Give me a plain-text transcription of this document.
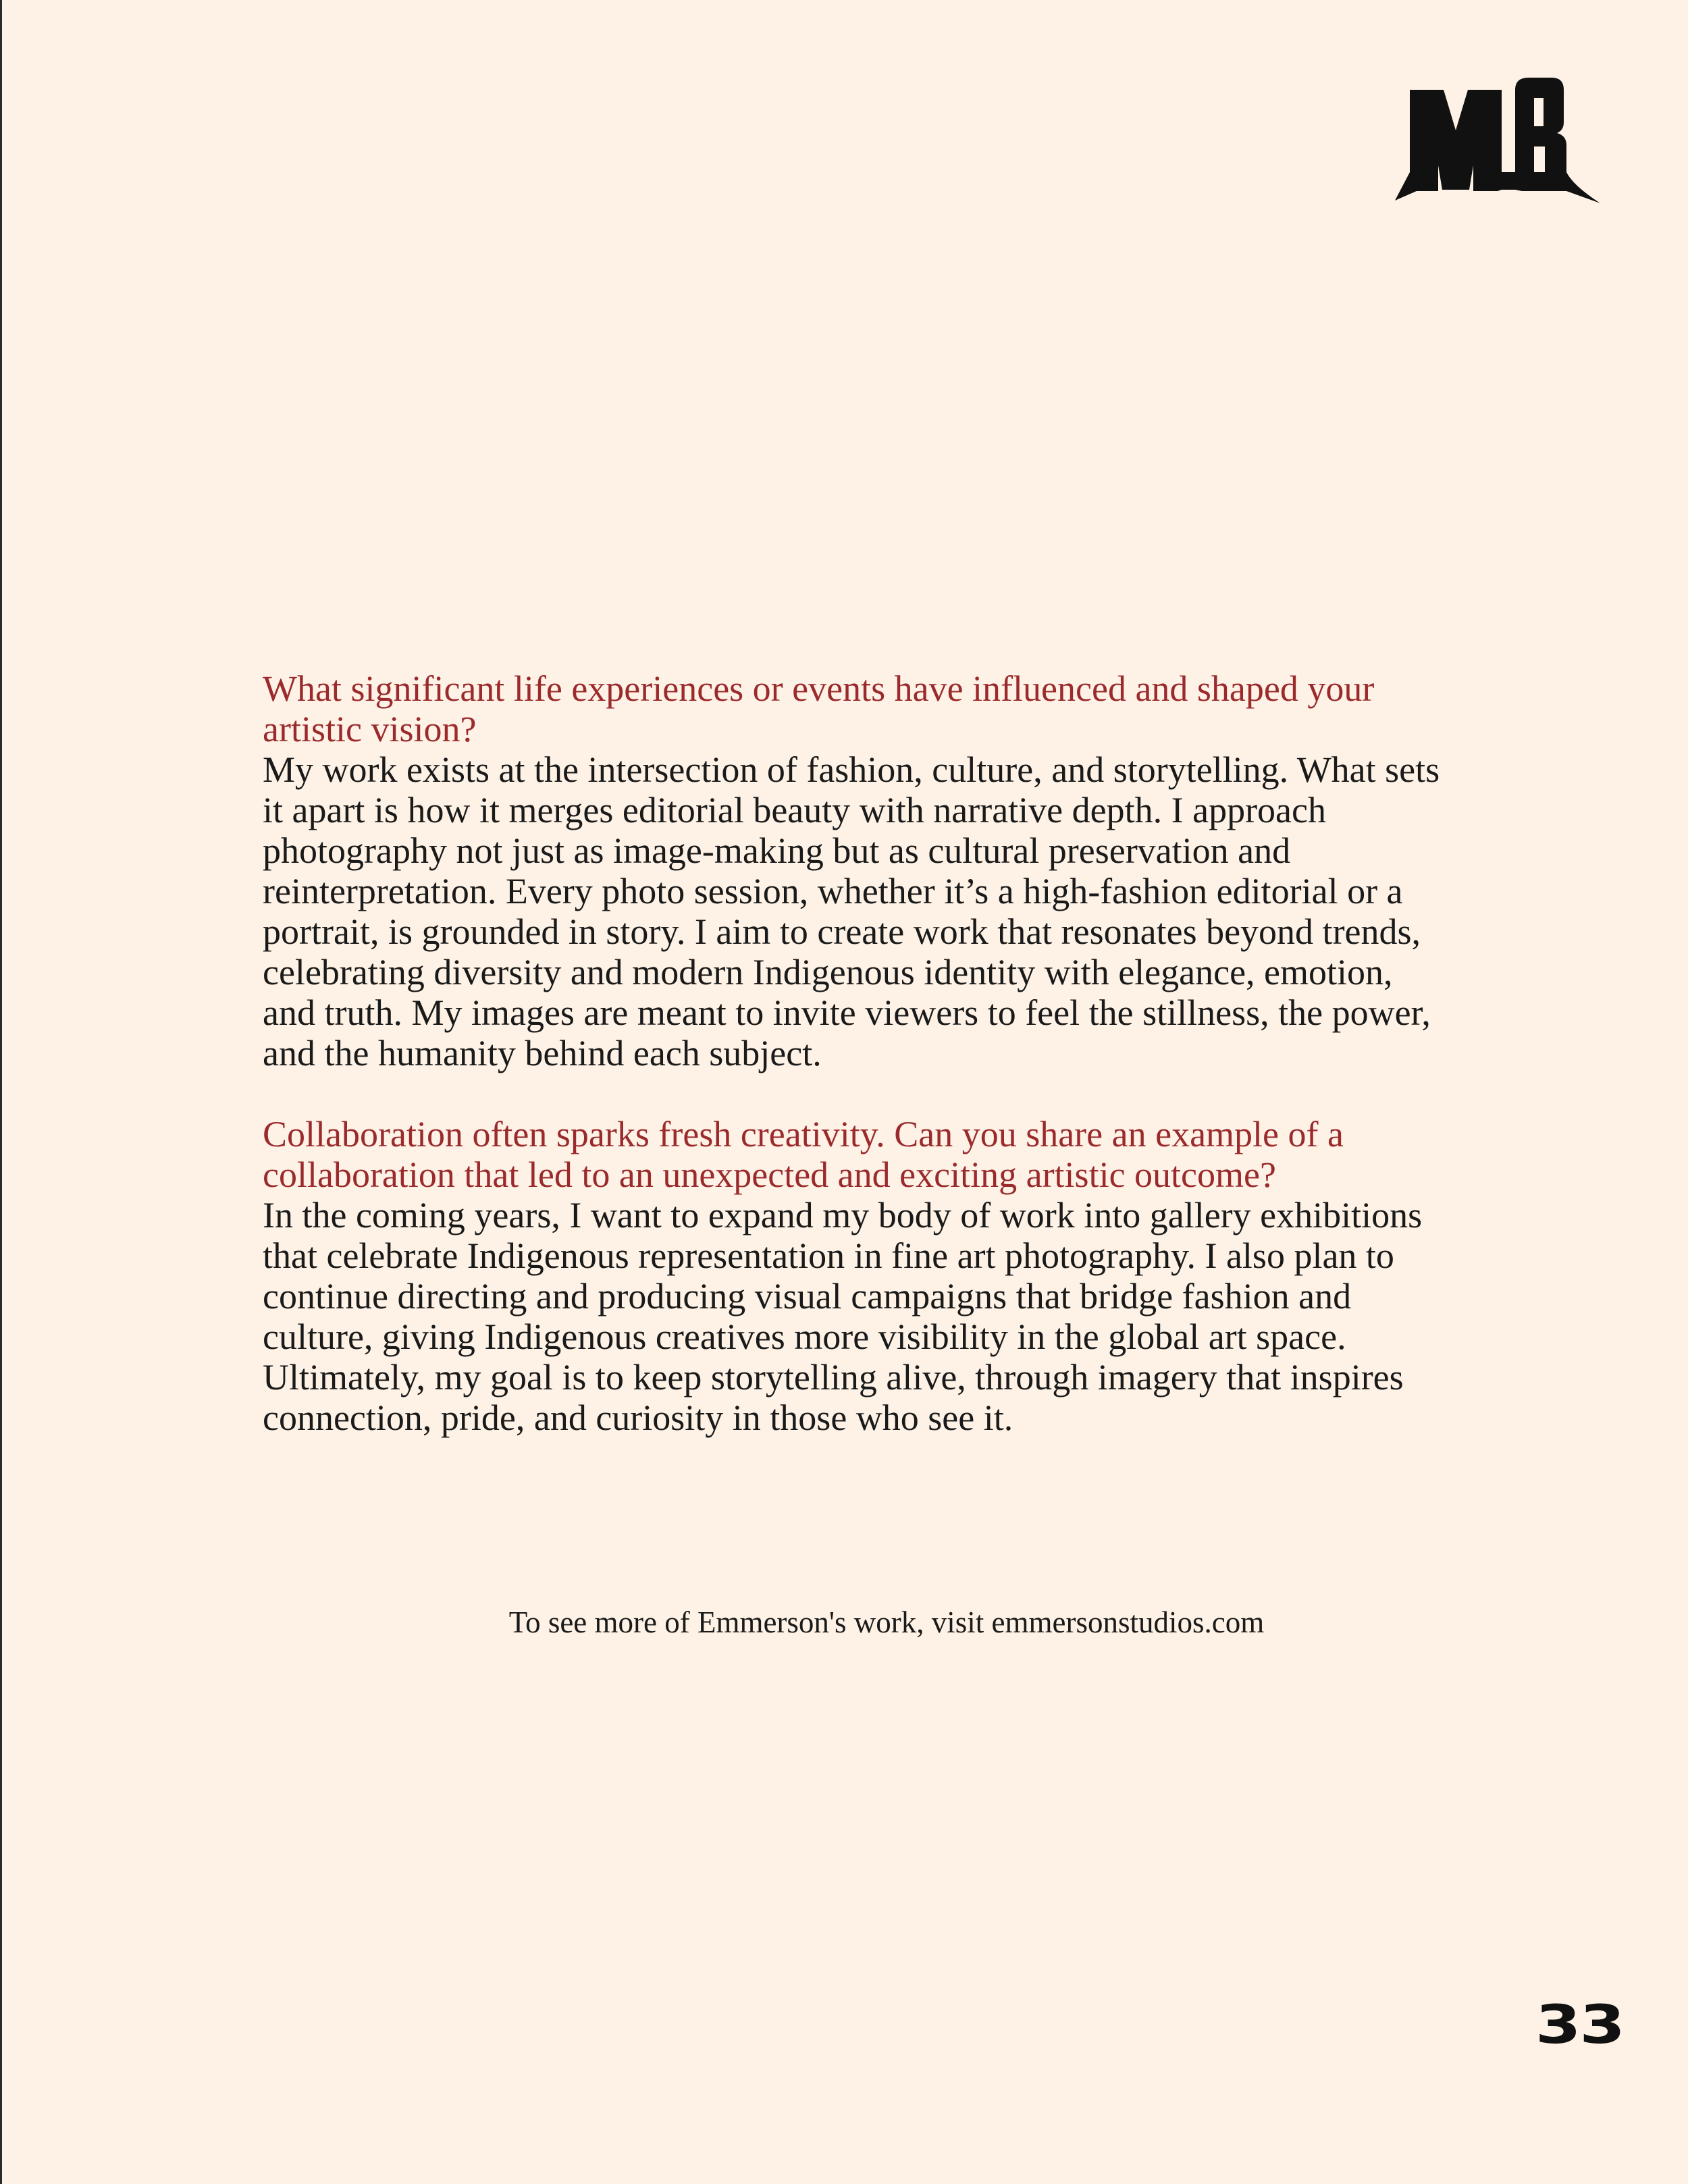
MOB

What significant life experiences or events have influenced and shaped your artistic vision?

My work exists at the intersection of fashion, culture, and storytelling. What sets it apart is how it merges editorial beauty with narrative depth. I approach photography not just as image-making but as cultural preservation and reinterpretation. Every photo session, whether it’s a high-fashion editorial or a portrait, is grounded in story. I aim to create work that resonates beyond trends, celebrating diversity and modern Indigenous identity with elegance, emotion, and truth. My images are meant to invite viewers to feel the stillness, the power, and the humanity behind each subject.

Collaboration often sparks fresh creativity. Can you share an example of a collaboration that led to an unexpected and exciting artistic outcome?

In the coming years, I want to expand my body of work into gallery exhibitions that celebrate Indigenous representation in fine art photography. I also plan to continue directing and producing visual campaigns that bridge fashion and culture, giving Indigenous creatives more visibility in the global art space. Ultimately, my goal is to keep storytelling alive, through imagery that inspires connection, pride, and curiosity in those who see it.

To see more of Emmerson's work, visit emmersonstudios.com
33
